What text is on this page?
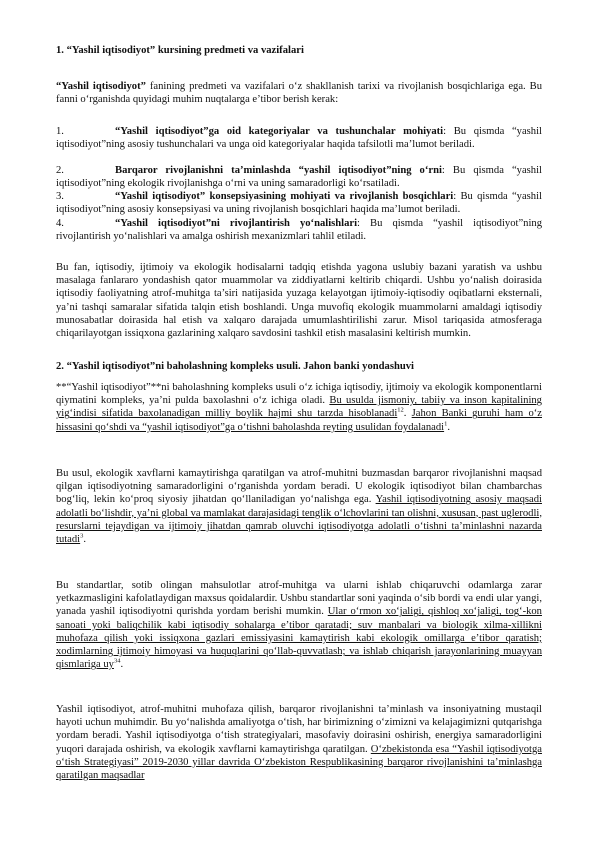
1. “Yashil iqtisodiyot” kursining predmeti va vazifalari

“Yashil iqtisodiyot” fanining predmeti va vazifalari o‘z shakllanish tarixi va rivojlanish bosqichlariga ega. Bu fanni o‘rganishda quyidagi muhim nuqtalarga e’tibor berish kerak:

1.	“Yashil iqtisodiyot”ga oid kategoriyalar va tushunchalar mohiyati: Bu qismda “yashil iqtisodiyot”ning asosiy tushunchalari va unga oid kategoriyalar haqida tafsilotli ma’lumot beriladi.

2.	Barqaror rivojlanishni ta’minlashda “yashil iqtisodiyot”ning o‘rni: Bu qismda “yashil iqtisodiyot”ning ekologik rivojlanishga o‘rni va uning samaradorligi ko‘rsatiladi.

3.	“Yashil iqtisodiyot” konsepsiyasining mohiyati va rivojlanish bosqichlari: Bu qismda “yashil iqtisodiyot”ning asosiy konsepsiyasi va uning rivojlanish bosqichlari haqida ma’lumot beriladi.

4.	“Yashil iqtisodiyot”ni rivojlantirish yo‘nalishlari: Bu qismda “yashil iqtisodiyot”ning rivojlantirish yo‘nalishlari va amalga oshirish mexanizmlari tahlil etiladi.

Bu fan, iqtisodiy, ijtimoiy va ekologik hodisalarni tadqiq etishda yagona uslubiy bazani yaratish va ushbu masalaga fanlararo yondashish qator muammolar va ziddiyatlarni keltirib chiqardi. Ushbu yo‘nalish doirasida iqtisodiy faoliyatning atrof-muhitga ta’siri natijasida yuzaga kelayotgan ijtimoiy-iqtisodiy oqibatlarni eksternali, ya’ni tashqi samaralar sifatida talqin etish boshlandi. Unga muvofiq ekologik muammolarni amaldagi iqtisodiy munosabatlar doirasida hal etish va xalqaro darajada umumlashtirilishi zarur. Misol tariqasida atmosferaga chiqarilayotgan issiqxona gazlarining xalqaro savdosini tashkil etish masalasini keltirish mumkin.

2. “Yashil iqtisodiyot”ni baholashning kompleks usuli. Jahon banki yondashuvi

**“Yashil iqtisodiyot”**ni baholashning kompleks usuli o‘z ichiga iqtisodiy, ijtimoiy va ekologik komponentlarni qiymatini kompleks, ya’ni pulda baxolashni o‘z ichiga oladi. Bu usulda jismoniy, tabiiy va inson kapitalining yig‘indisi sifatida baxolanadigan milliy boylik hajmi shu tarzda hisoblanadi$^{12}$. Jahon Banki guruhi ham o‘z hissasini qo‘shdi va “yashil iqtisodiyot”ga o‘tishni baholashda reyting usulidan foydalanadi$^1$.

Bu usul, ekologik xavflarni kamaytirishga qaratilgan va atrof-muhitni buzmasdan barqaror rivojlanishni maqsad qilgan iqtisodiyotning samaradorligini o‘rganishda yordam beradi. U ekologik iqtisodiyot bilan chambarchas bog‘liq, lekin ko‘proq siyosiy jihatdan qo‘llaniladigan yo‘nalishga ega. Yashil iqtisodiyotning asosiy maqsadi adolatli bo‘lishdir, ya’ni global va mamlakat darajasidagi tenglik o‘lchovlarini tan olishni, xususan, past uglerodli, resurslarni tejaydigan va ijtimoiy jihatdan qamrab oluvchi iqtisodiyotga adolatli o‘tishni ta’minlashni nazarda tutadi$^3$.

Bu standartlar, sotib olingan mahsulotlar atrof-muhitga va ularni ishlab chiqaruvchi odamlarga zarar yetkazmasligini kafolatlaydigan maxsus qoidalardir. Ushbu standartlar soni yaqinda o‘sib bordi va endi ular yangi, yanada yashil iqtisodiyotni qurishda yordam berishi mumkin. Ular o‘rmon xo‘jaligi, qishloq xo‘jaligi, tog‘-kon sanoati yoki baliqchilik kabi iqtisodiy sohalarga e’tibor qaratadi; suv manbalari va biologik xilma-xillikni muhofaza qilish yoki issiqxona gazlari emissiyasini kamaytirish kabi ekologik omillarga e’tibor qaratish; xodimlarning ijtimoiy himoyasi va huquqlarini qo‘llab-quvvatlash; va ishlab chiqarish jarayonlarining muayyan qismlariga $uy^{34}$.

Yashil iqtisodiyot, atrof-muhitni muhofaza qilish, barqaror rivojlanishni ta’minlash va insoniyatning mustaqil hayoti uchun muhimdir. Bu yo‘nalishda amaliyotga o‘tish, har birimizning o‘zimizni va kelajagimizni qutqarishga yordam beradi. Yashil iqtisodiyotga o‘tish strategiyalari, masofaviy doirasini oshirish, energiya samaradorligini yuqori darajada oshirish, va ekologik xavflarni kamaytirishga qaratilgan. O‘zbekistonda esa “Yashil iqtisodiyotga o‘tish Strategiyasi” 2019-2030 yillar davrida O‘zbekiston Respublikasining barqaror rivojlanishini ta’minlashga qaratilgan maqsadlar
